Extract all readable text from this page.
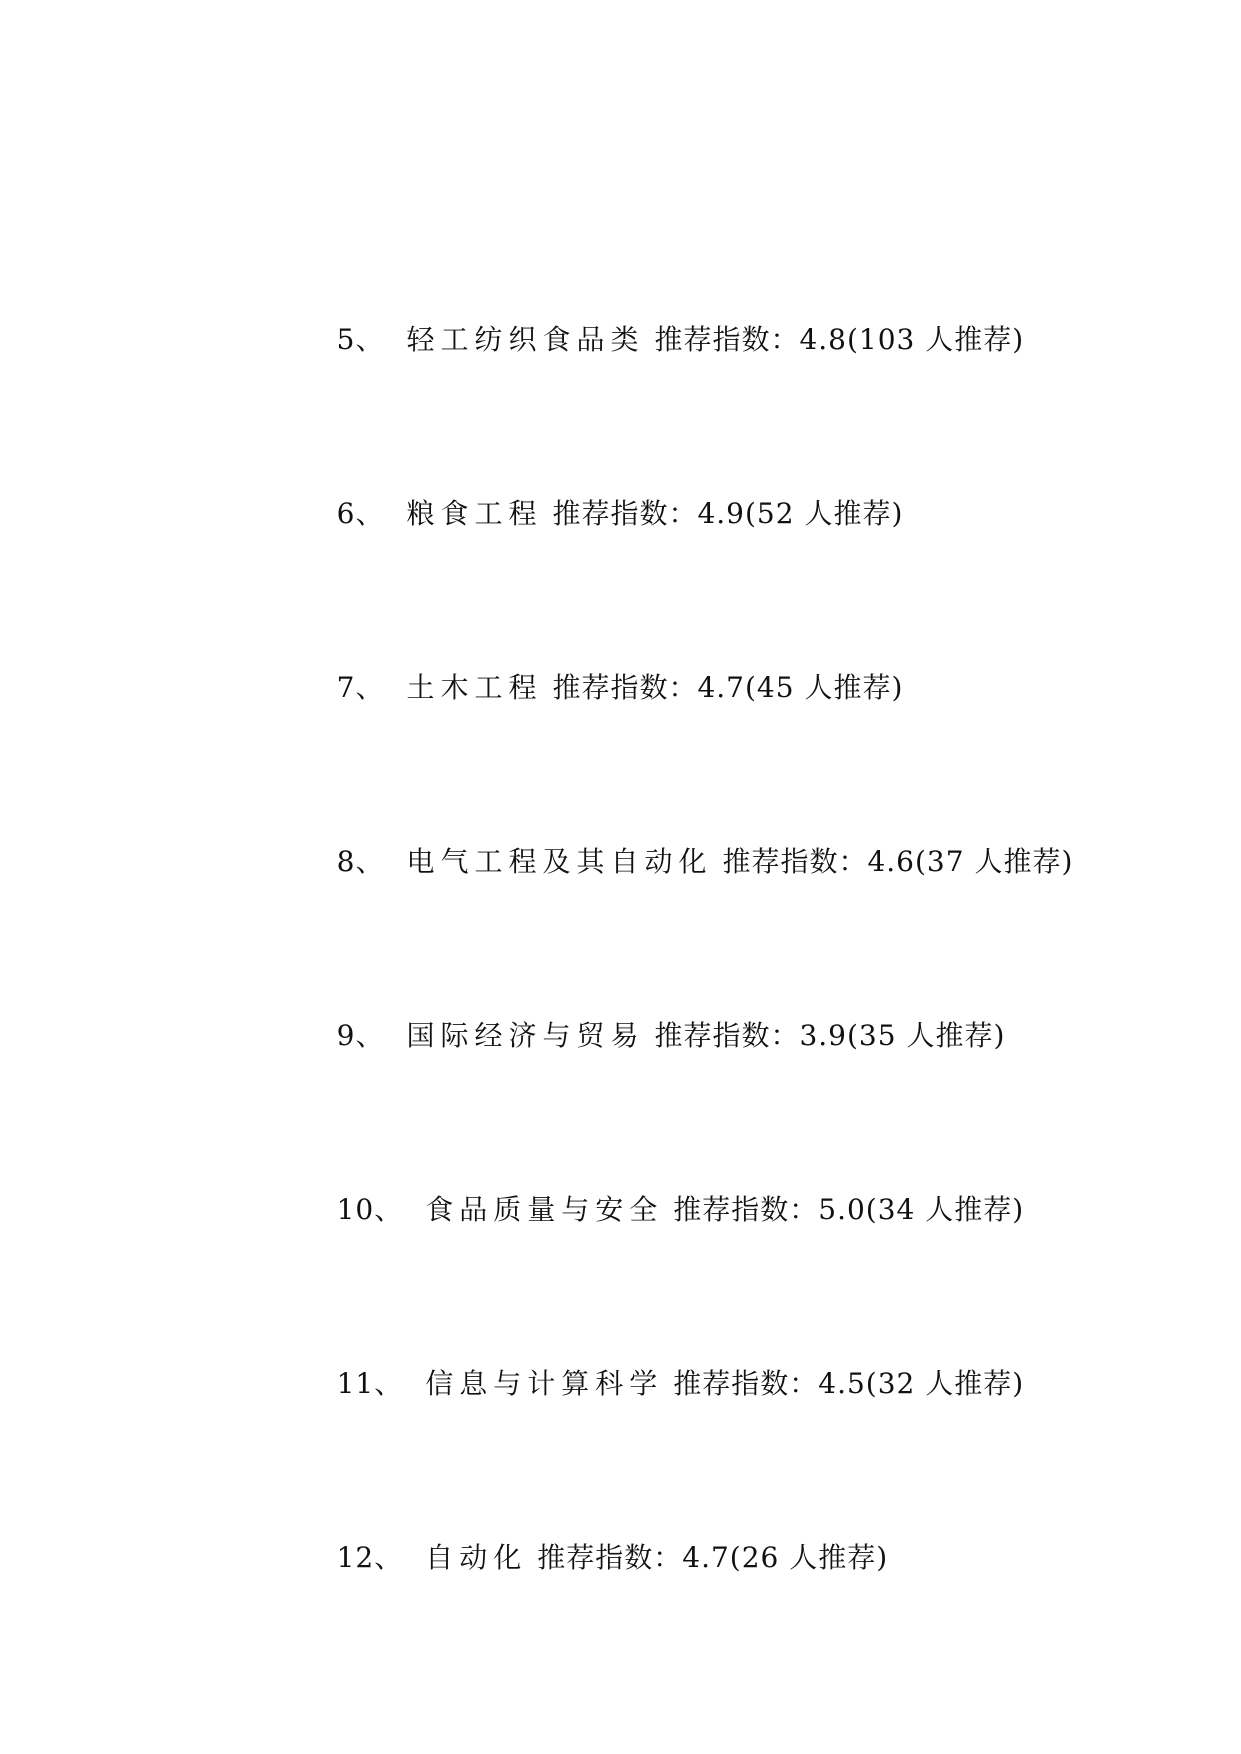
5、 轻工纺织食品类 推荐指数：4.8(103 人推荐)

6、 粮食工程 推荐指数：4.9(52 人推荐)

7、 土木工程 推荐指数：4.7(45 人推荐)

8、 电气工程及其自动化 推荐指数：4.6(37 人推荐)

9、 国际经济与贸易 推荐指数：3.9(35 人推荐)

10、 食品质量与安全 推荐指数：5.0(34 人推荐)

11、 信息与计算科学 推荐指数：4.5(32 人推荐)

12、 自动化 推荐指数：4.7(26 人推荐)
